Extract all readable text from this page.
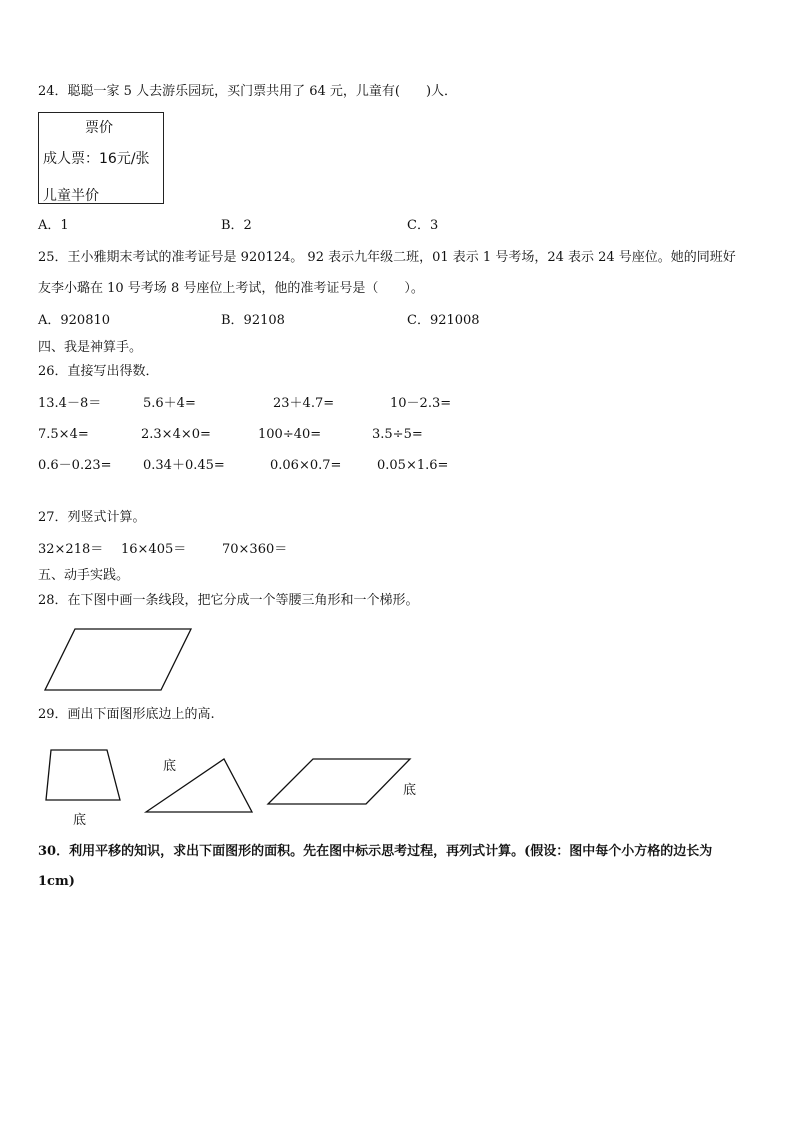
24．聪聪一家 5 人去游乐园玩，买门票共用了 64 元，儿童有(　　)人．
票价
成人票：16元/张
儿童半价
A．1	B．2	C．3
25．王小雅期末考试的准考证号是 920124。 92 表示九年级二班，01 表示 1 号考场，24 表示 24 号座位。她的同班好
友李小璐在 10 号考场 8 号座位上考试，他的准考证号是（　　）。
A．920810	B．92108	C．921008
四、我是神算手。
26．直接写出得数．
13.4－8＝	5.6＋4=	23＋4.7=	10－2.3=
7.5×4=	2.3×4×0=	100÷40=	3.5÷5=
0.6－0.23= 0.34＋0.45=	0.06×0.7=	0.05×1.6=
27．列竖式计算。
32×218＝ 16×405＝	70×360＝
五、动手实践。
28．在下图中画一条线段，把它分成一个等腰三角形和一个梯形。
29．画出下面图形底边上的高.
底
底
底
30．利用平移的知识，求出下面图形的面积。先在图中标示思考过程，再列式计算。(假设：图中每个小方格的边长为
1cm)
